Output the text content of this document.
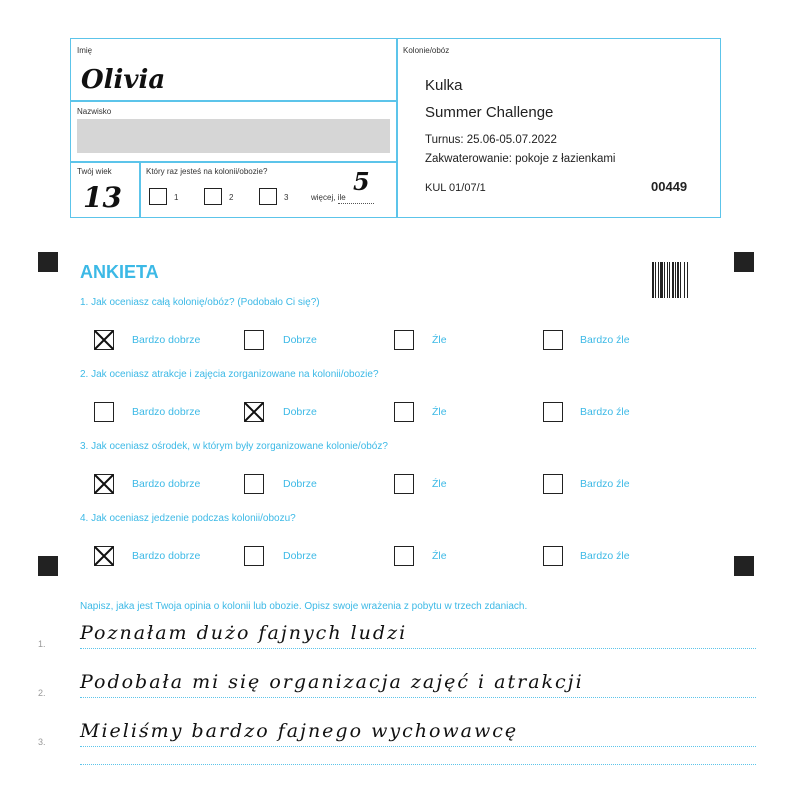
Imię
Olivia
Nazwisko
Twój wiek
13
Który raz jesteś na kolonii/obozie?
1	2	3	więcej, ile
5
Kolonie/obóz
Kulka
Summer Challenge
Turnus: 25.06-05.07.2022
Zakwaterowanie: pokoje z łazienkami
KUL 01/07/1	00449
ANKIETA
1. Jak oceniasz całą kolonię/obóz? (Podobało Ci się?)
Bardzo dobrze	Dobrze	Źle	Bardzo źle
2. Jak oceniasz atrakcje i zajęcia zorganizowane na kolonii/obozie?
Bardzo dobrze	Dobrze	Źle	Bardzo źle
3. Jak oceniasz ośrodek, w którym były zorganizowane kolonie/obóz?
Bardzo dobrze	Dobrze	Źle	Bardzo źle
4. Jak oceniasz jedzenie podczas kolonii/obozu?
Bardzo dobrze	Dobrze	Źle	Bardzo źle
Napisz, jaka jest Twoja opinia o kolonii lub obozie. Opisz swoje wrażenia z pobytu w trzech zdaniach.
1. Poznałam dużo fajnych ludzi
2. Podobała mi się organizacja zajęć i atrakcji
3. Mieliśmy bardzo fajnego wychowawcę
